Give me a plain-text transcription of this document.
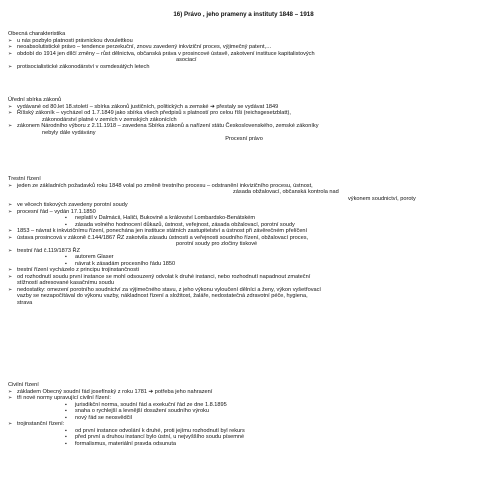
16) Právo , jeho prameny a instituty 1848 – 1918
Obecná charakteristika
➢ u nás pozbylo platnosti právnickou dvoulettkou
➢ neoabsolutistické právo – tendence perzekuční, znovu zavedený inkviziční proces, výjimečný patent,…
➢ období do 1914 jen dílčí změny – růst dělnictva, občanská práva v prosincové ústavě, zakotvení instituce kapitalistových
asociací
➢ protisocialistické zákonodárství v osmdesátých letech
Úřední sbírka zákonů
➢ vydávané od 80.let 18.století – sbírka zákonů justičních, politických a zemské ➔ přestaly se vydávat 1849
➢ Říšský zákoník – vycházel od 1.7.1849 jako sbírka všech předpisů s platností pro celou říši (reichsgesetzblatt),
zákonodárství platné v zemích v zemských zákonících
➢ zákonem Národního výboru z 2.11.1918 – zavedena Sbírka zákonů a nařízení státu Československého, zemské zákoníky
nebyly dále vydávány
Procesní právo
Trestní řízení
➢ jeden ze základních požadavků roku 1848 volal po změně trestního procesu – odstranění inkvizičního procesu, ústnost,
zásada obžalovací, občanská kontrola nad
výkonem soudnictví, poroty
➢ ve věcech tiskových zavedeny porotní soudy
➢ procesní řád – vydán 17.1.1850
▪ neplatil v Dalmácii, Haliči, Bukovině a království Lombardsko-Benátském
▪ zásada volného hodnocení důkazů, ústnost, veřejnost, zásada obžalovací, porotní soudy
➢ 1853 – návrat k inkvizičnímu řízení, ponechána jen instituce státních zastupitelství a ústnost při závěrečném přelíčení
➢ ústava prosincová v zákoně č.144/1867 ŘZ zakotvila zásadu ústnosti a veřejnosti soudního řízení, obžalovací proces,
porotní soudy pro zločiny tiskové
➢ trestní řád č.119/1873 ŘZ
▪ autorem Glaser
▪ návrat k zásadám procesního řádu 1850
➢ trestní řízení vycházelo z principu trojinstančnosti
➢ od rozhodnutí soudu první instance se mohl odsouzený odvolat k druhé instanci, nebo rozhodnutí napadnout zmateční
stížností adresované kasačnímu soudu
➢ nedostatky: omezení porotního soudnictví za výjimečného stavu, z jeho výkonu vyloučení dělníci a ženy, výkon vyšetřovací
vazby se nezapočítával do výkonu vazby, nákladnost řízení a složitost, žaláře, nedostatečná zdravotní péče, hygiena,
strava
Civilní řízení
➢ základem Obecný soudní řád josefínský z roku 1781 ➔ potřeba jeho nahrazení
➢ tři nové normy upravující civilní řízení:
▪ jurisdikční norma, soudní řád a exekuční řád ze dne 1.8.1895
▪ snaha o rychlejší a levnější dosažení soudního výroku
▪ nový řád se neosvědčil
➢ trojinstanční řízení:
▪ od první instance odvolání k druhé, proti jejímu rozhodnutí byl rekurs
▪ před první a druhou instancí bylo ústní, u nejvyššího soudu písemné
▪ formalismus, materiální pravda odsunuta
